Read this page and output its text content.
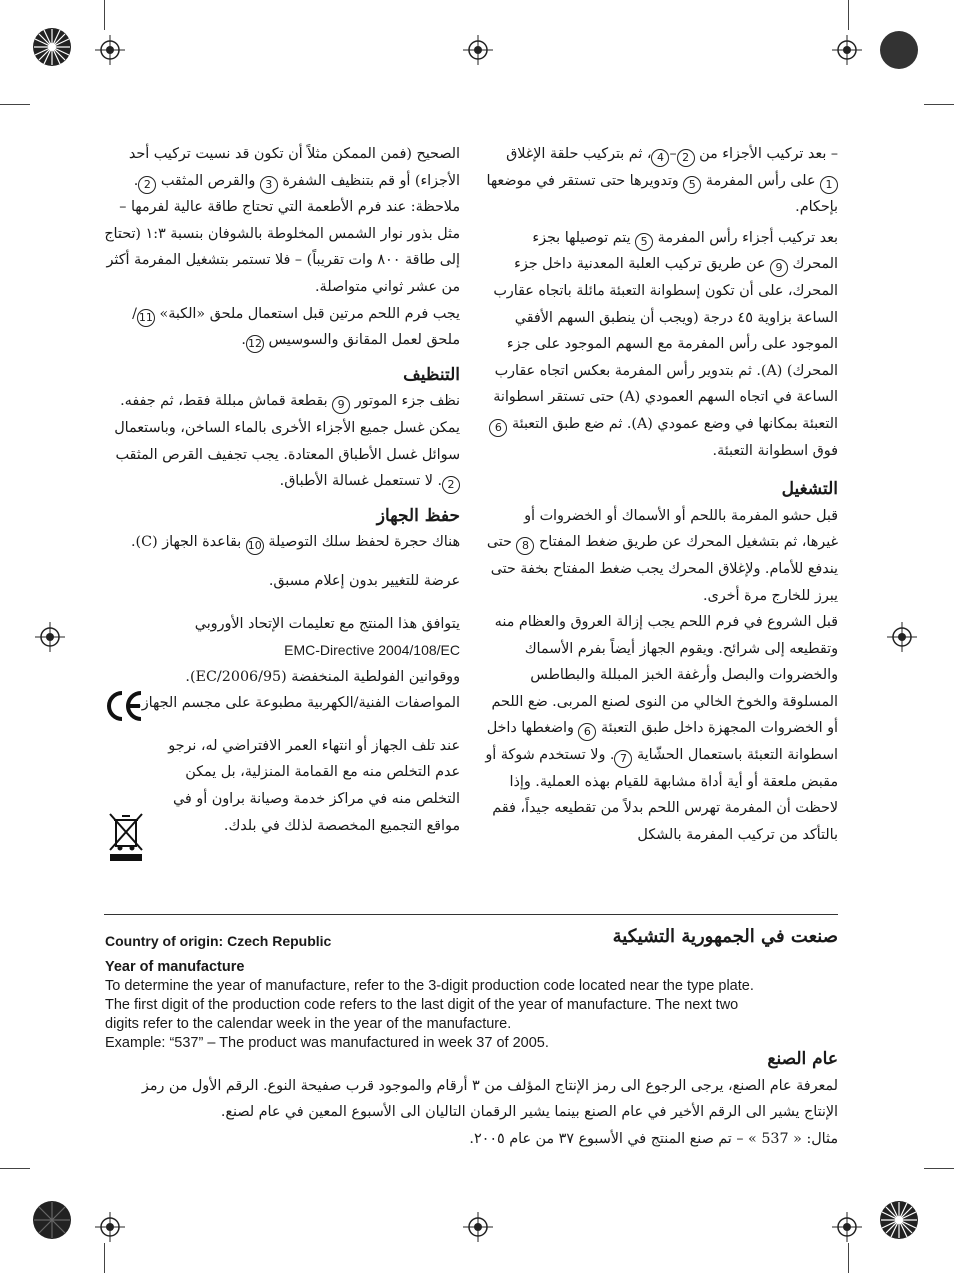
– بعد تركيب الأجزاء من 2–4، ثم بتركيب حلقة الإغلاق 1 على رأس المفرمة 5 وتدويرها حتى تستقر في موضعها بإحكام.

بعد تركيب أجزاء رأس المفرمة 5 يتم توصيلها بجزء المحرك 9 عن طريق تركيب العلبة المعدنية داخل جزء المحرك، على أن تكون إسطوانة التعبئة مائلة باتجاه عقارب الساعة بزاوية ٤٥ درجة (ويجب أن ينطبق السهم الأفقي الموجود على رأس المفرمة مع السهم الموجود على جزء المحرك) (A). ثم بتدوير رأس المفرمة بعكس اتجاه عقارب الساعة في اتجاه السهم العمودي (A) حتى تستقر اسطوانة التعبئة بمكانها في وضع عمودي (A). ثم ضع طبق التعبئة 6 فوق اسطوانة التعبئة.

التشغيل

قبل حشو المفرمة باللحم أو الأسماك أو الخضروات أو غيرها، ثم بتشغيل المحرك عن طريق ضغط المفتاح 8 حتى يندفع للأمام. ولإغلاق المحرك يجب ضغط المفتاح بخفة حتى يبرز للخارج مرة أخرى.

قبل الشروع في فرم اللحم يجب إزالة العروق والعظام منه وتقطيعه إلى شرائح. ويقوم الجهاز أيضاً بفرم الأسماك والخضروات والبصل وأرغفة الخبز المبللة والبطاطس المسلوقة والخوخ الخالي من النوى لصنع المربى. ضع اللحم أو الخضروات المجهزة داخل طبق التعبئة 6 واضغطها داخل اسطوانة التعبئة باستعمال الحشّاية 7. ولا تستخدم شوكة أو مقبض ملعقة أو أية أداة مشابهة للقيام بهذه العملية. وإذا لاحظت أن المفرمة تهرس اللحم بدلاً من تقطيعه جيداً، فقم بالتأكد من تركيب المفرمة بالشكل

الصحيح (فمن الممكن مثلاً أن تكون قد نسيت تركيب أحد الأجزاء) أو قم بتنظيف الشفرة 3 والقرص المثقب 2.

ملاحظة: عند فرم الأطعمة التي تحتاج طاقة عالية لفرمها – مثل بذور نوار الشمس المخلوطة بالشوفان بنسبة ١:٣ (تحتاج إلى طاقة ٨٠٠ وات تقريباً) – فلا تستمر بتشغيل المفرمة أكثر من عشر ثواني متواصلة.

يجب فرم اللحم مرتين قبل استعمال ملحق «الكبة» 11/ ملحق لعمل المقانق والسوسيس 12.

التنظيف

نظف جزء الموتور 9 بقطعة قماش مبللة فقط، ثم جففه. يمكن غسل جميع الأجزاء الأخرى بالماء الساخن، وباستعمال سوائل غسل الأطباق المعتادة. يجب تجفيف القرص المثقب 2. لا تستعمل غسالة الأطباق.

حفظ الجهاز

هناك حجرة لحفظ سلك التوصيلة 10 بقاعدة الجهاز (C).

عرضة للتغيير بدون إعلام مسبق.

يتوافق هذا المنتج مع تعليمات الإتحاد الأوروبي

EMC-Directive 2004/108/EC

ووقوانين الفولطية المنخفضة (2006/95/EC).

المواصفات الفنية/الكهربية مطبوعة على مجسم الجهاز.

عند تلف الجهاز أو انتهاء العمر الافتراضي له، نرجو عدم التخلص منه مع القمامة المنزلية، بل يمكن التخلص منه في مراكز خدمة وصيانة براون أو في مواقع التجميع المخصصة لذلك في بلدك.

صنعت في الجمهورية التشيكية
Country of origin: Czech Republic

Year of manufacture

To determine the year of manufacture, refer to the 3-digit production code located near the type plate.

The first digit of the production code refers to the last digit of the year of manufacture. The next two

digits refer to the calendar week in the year of the manufacture.

Example: “537” – The product was manufactured in week 37 of 2005.

عام الصنع

لمعرفة عام الصنع، يرجى الرجوع الى رمز الإنتاج المؤلف من ٣ أرقام والموجود قرب صفيحة النوع. الرقم الأول من رمز الإنتاج يشير الى الرقم الأخير في عام الصنع بينما يشير الرقمان التاليان الى الأسبوع المعين في عام لصنع.

مثال: « 537 » – تم صنع المنتج في الأسبوع ٣٧ من عام ٢٠٠٥.
